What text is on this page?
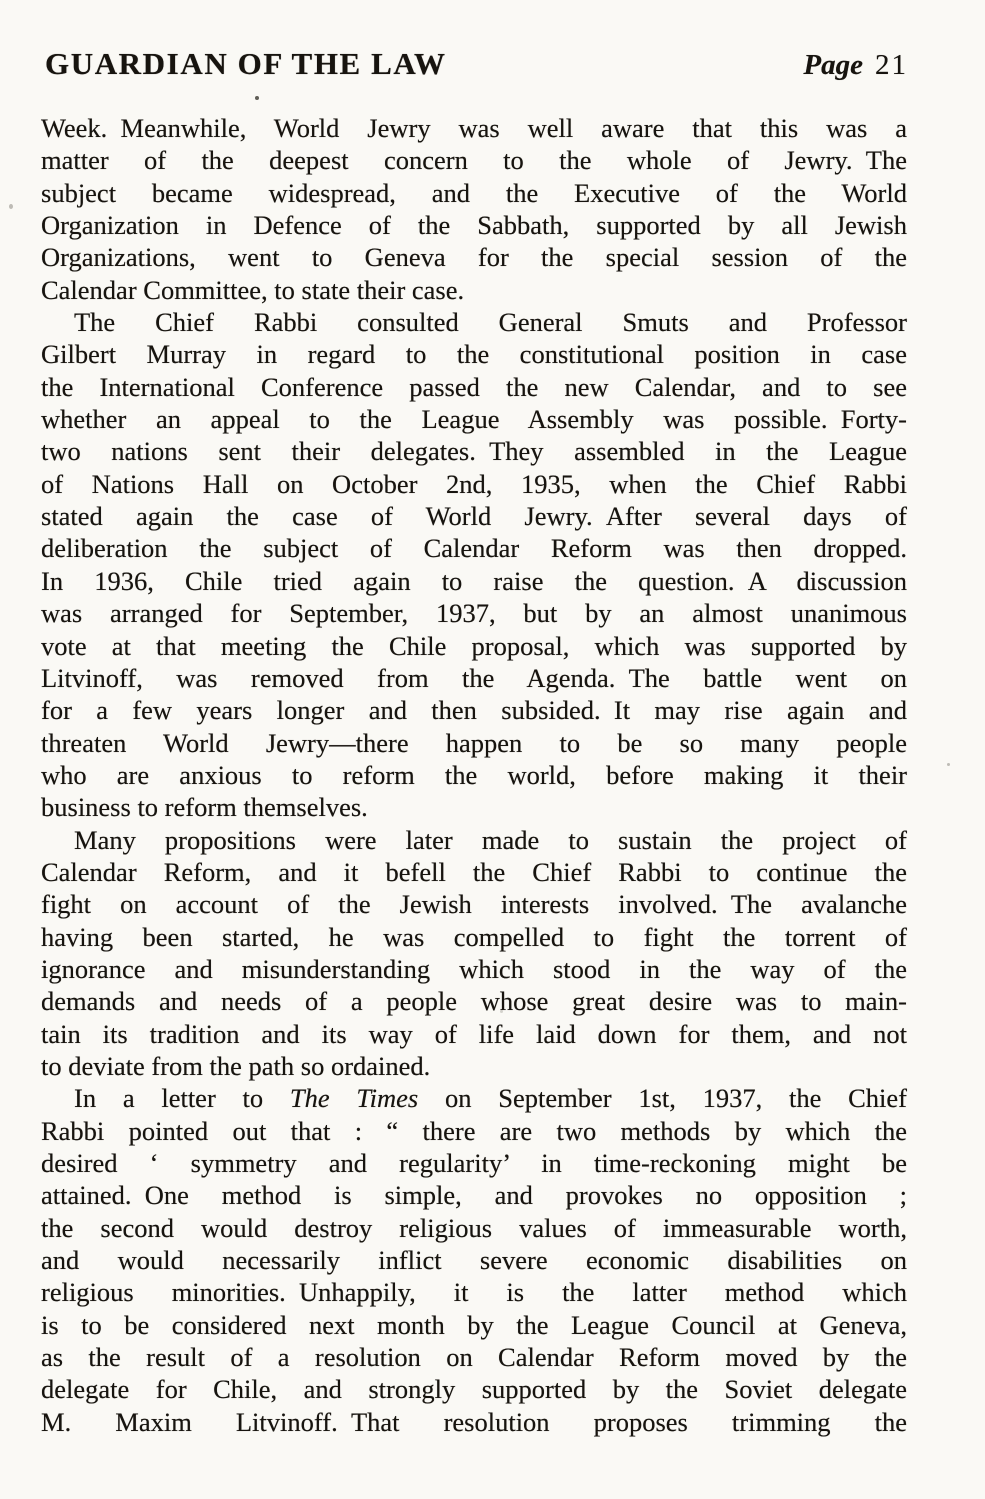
GUARDIAN OF THE LAW	Page 21
Week. Meanwhile, World Jewry was well aware that this was a
matter of the deepest concern to the whole of Jewry. The
subject became widespread, and the Executive of the World
Organization in Defence of the Sabbath, supported by all Jewish
Organizations, went to Geneva for the special session of the
Calendar Committee, to state their case.
The Chief Rabbi consulted General Smuts and Professor
Gilbert Murray in regard to the constitutional position in case
the International Conference passed the new Calendar, and to see
whether an appeal to the League Assembly was possible. Forty-
two nations sent their delegates. They assembled in the League
of Nations Hall on October 2nd, 1935, when the Chief Rabbi
stated again the case of World Jewry. After several days of
deliberation the subject of Calendar Reform was then dropped.
In 1936, Chile tried again to raise the question. A discussion
was arranged for September, 1937, but by an almost unanimous
vote at that meeting the Chile proposal, which was supported by
Litvinoff, was removed from the Agenda. The battle went on
for a few years longer and then subsided. It may rise again and
threaten World Jewry—there happen to be so many people
who are anxious to reform the world, before making it their
business to reform themselves.
Many propositions were later made to sustain the project of
Calendar Reform, and it befell the Chief Rabbi to continue the
fight on account of the Jewish interests involved. The avalanche
having been started, he was compelled to fight the torrent of
ignorance and misunderstanding which stood in the way of the
demands and needs of a people whose great desire was to main-
tain its tradition and its way of life laid down for them, and not
to deviate from the path so ordained.
In a letter to The Times on September 1st, 1937, the Chief
Rabbi pointed out that : “ there are two methods by which the
desired ‘ symmetry and regularity’ in time-reckoning might be
attained. One method is simple, and provokes no opposition ;
the second would destroy religious values of immeasurable worth,
and would necessarily inflict severe economic disabilities on
religious minorities. Unhappily, it is the latter method which
is to be considered next month by the League Council at Geneva,
as the result of a resolution on Calendar Reform moved by the
delegate for Chile, and strongly supported by the Soviet delegate
M. Maxim Litvinoff. That resolution proposes trimming the
